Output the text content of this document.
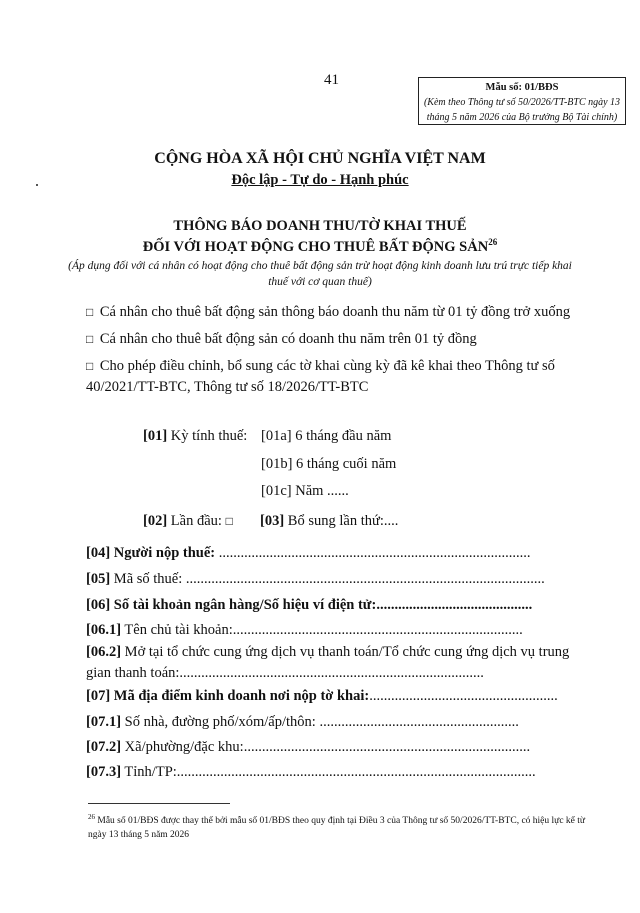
41	Mẫu số: 01/BĐS
(Kèm theo Thông tư số 50/2026/TT-BTC ngày 13 tháng 5 năm 2026 của Bộ trưởng Bộ Tài chính)
CỘNG HÒA XÃ HỘI CHỦ NGHĨA VIỆT NAM
Độc lập - Tự do - Hạnh phúc
THÔNG BÁO DOANH THU/TỜ KHAI THUẾ
ĐỐI VỚI HOẠT ĐỘNG CHO THUÊ BẤT ĐỘNG SẢN$^{26}$
(Áp dụng đối với cá nhân có hoạt động cho thuê bất động sản trừ hoạt động kinh doanh lưu trú trực tiếp khai thuế với cơ quan thuế)
□ Cá nhân cho thuê bất động sản thông báo doanh thu năm từ 01 tỷ đồng trở xuống
□ Cá nhân cho thuê bất động sản có doanh thu năm trên 01 tỷ đồng
□ Cho phép điều chỉnh, bổ sung các tờ khai cùng kỳ đã kê khai theo Thông tư số 40/2021/TT-BTC, Thông tư số 18/2026/TT-BTC
[01] Kỳ tính thuế: [01a] 6 tháng đầu năm
[01b] 6 tháng cuối năm
[01c] Năm ......
[02] Lần đầu: □ [03] Bổ sung lần thứ:....
[04] Người nộp thuế: ......................................................................................
[05] Mã số thuế: ...................................................................................................
[06] Số tài khoản ngân hàng/Số hiệu ví điện tử:...........................................
[06.1] Tên chủ tài khoản:................................................................................
[06.2] Mở tại tổ chức cung ứng dịch vụ thanh toán/Tổ chức cung ứng dịch vụ trung gian thanh toán:....................................................................................
[07] Mã địa điểm kinh doanh nơi nộp tờ khai:....................................................
[07.1] Số nhà, đường phố/xóm/ấp/thôn: .......................................................
[07.2] Xã/phường/đặc khu:...............................................................................
[07.3] Tỉnh/TP:...................................................................................................
$^{26}$ Mẫu số 01/BĐS được thay thế bởi mẫu số 01/BĐS theo quy định tại Điều 3 của Thông tư số 50/2026/TT-BTC, có hiệu lực kể từ ngày 13 tháng 5 năm 2026
